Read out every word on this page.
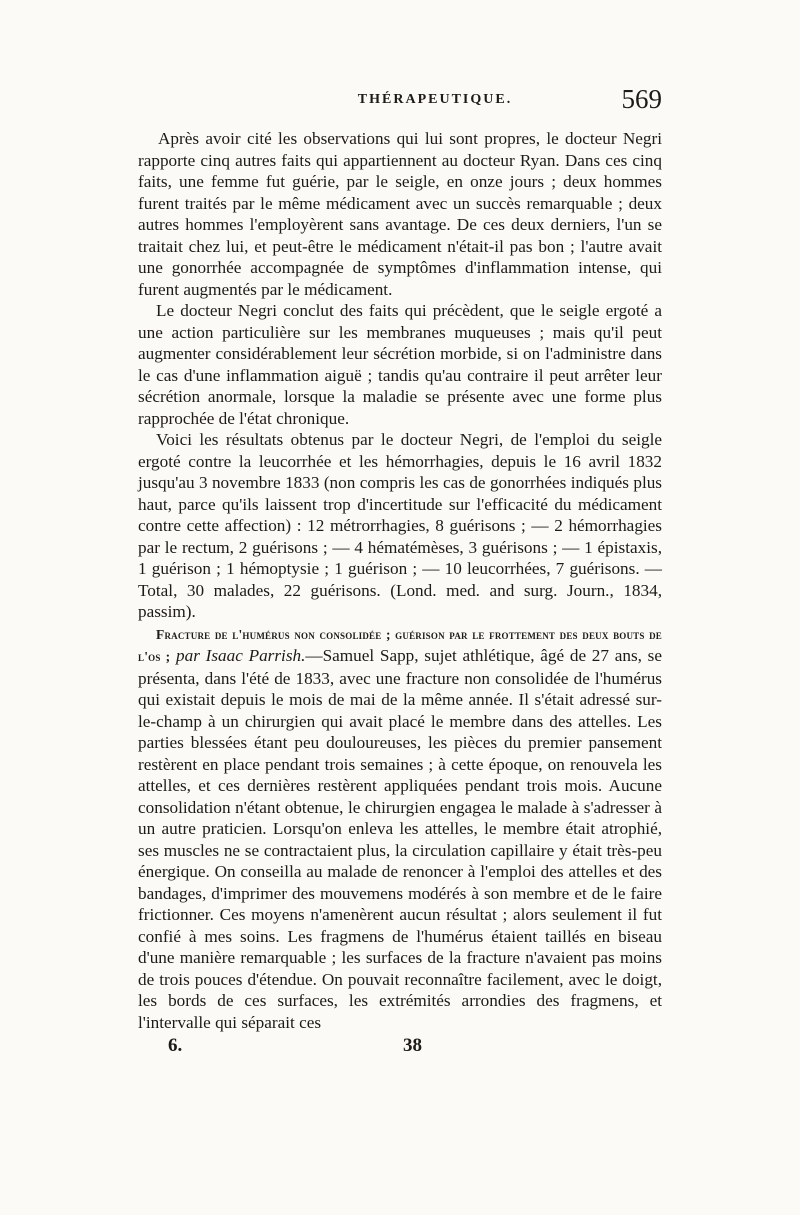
THÉRAPEUTIQUE.	569

Après avoir cité les observations qui lui sont propres, le docteur Negri rapporte cinq autres faits qui appartiennent au docteur Ryan. Dans ces cinq faits, une femme fut guérie, par le seigle, en onze jours ; deux hommes furent traités par le même médicament avec un succès remarquable ; deux autres hommes l'employèrent sans avantage. De ces deux derniers, l'un se traitait chez lui, et peut-être le médicament n'était-il pas bon ; l'autre avait une gonorrhée accompagnée de symptômes d'inflammation intense, qui furent augmentés par le médicament.

Le docteur Negri conclut des faits qui précèdent, que le seigle ergoté a une action particulière sur les membranes muqueuses ; mais qu'il peut augmenter considérablement leur sécrétion morbide, si on l'administre dans le cas d'une inflammation aiguë ; tandis qu'au contraire il peut arrêter leur sécrétion anormale, lorsque la maladie se présente avec une forme plus rapprochée de l'état chronique.

Voici les résultats obtenus par le docteur Negri, de l'emploi du seigle ergoté contre la leucorrhée et les hémorrhagies, depuis le 16 avril 1832 jusqu'au 3 novembre 1833 (non compris les cas de gonorrhées indiqués plus haut, parce qu'ils laissent trop d'incertitude sur l'efficacité du médicament contre cette affection) : 12 métrorrhagies, 8 guérisons ; — 2 hémorrhagies par le rectum, 2 guérisons ; — 4 hématémèses, 3 guérisons ; — 1 épistaxis, 1 guérison ; 1 hémoptysie ; 1 guérison ; — 10 leucorrhées, 7 guérisons. — Total, 30 malades, 22 guérisons. (Lond. med. and surg. Journ., 1834, passim).

Fracture de l'humérus non consolidée ; guérison par le frottement des deux bouts de l'os ; par Isaac Parrish.—Samuel Sapp, sujet athlétique, âgé de 27 ans, se présenta, dans l'été de 1833, avec une fracture non consolidée de l'humérus qui existait depuis le mois de mai de la même année. Il s'était adressé sur-le-champ à un chirurgien qui avait placé le membre dans des attelles. Les parties blessées étant peu douloureuses, les pièces du premier pansement restèrent en place pendant trois semaines ; à cette époque, on renouvela les attelles, et ces dernières restèrent appliquées pendant trois mois. Aucune consolidation n'étant obtenue, le chirurgien engagea le malade à s'adresser à un autre praticien. Lorsqu'on enleva les attelles, le membre était atrophié, ses muscles ne se contractaient plus, la circulation capillaire y était très-peu énergique. On conseilla au malade de renoncer à l'emploi des attelles et des bandages, d'imprimer des mouvemens modérés à son membre et de le faire frictionner. Ces moyens n'amenèrent aucun résultat ; alors seulement il fut confié à mes soins. Les fragmens de l'humérus étaient taillés en biseau d'une manière remarquable ; les surfaces de la fracture n'avaient pas moins de trois pouces d'étendue. On pouvait reconnaître facilement, avec le doigt, les bords de ces surfaces, les extrémités arrondies des fragmens, et l'intervalle qui séparait ces

6.	38
